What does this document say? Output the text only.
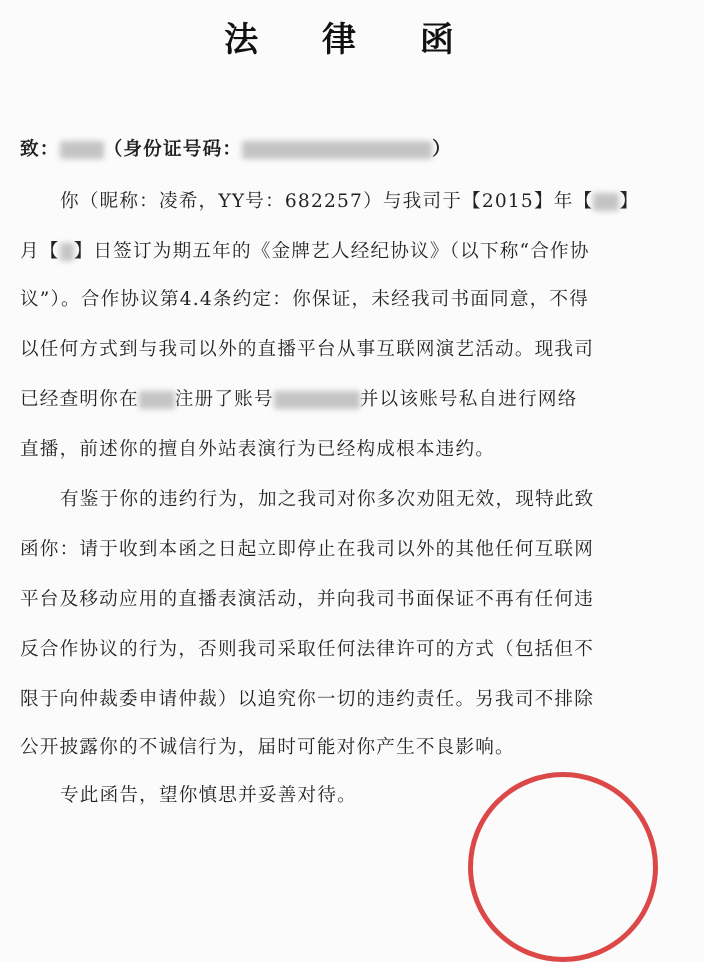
法 律 函
致： （身份证号码：	）
你（昵称：凌希，YY号：682257）与我司于【2015】年【 】
月【 】日签订为期五年的《金牌艺人经纪协议》（以下称“合作协
议”）。合作协议第4.4条约定：你保证，未经我司书面同意，不得
以任何方式到与我司以外的直播平台从事互联网演艺活动。现我司
已经查明你在 注册了账号	并以该账号私自进行网络
直播，前述你的擅自外站表演行为已经构成根本违约。
有鉴于你的违约行为，加之我司对你多次劝阻无效，现特此致
函你：请于收到本函之日起立即停止在我司以外的其他任何互联网
平台及移动应用的直播表演活动，并向我司书面保证不再有任何违
反合作协议的行为，否则我司采取任何法律许可的方式（包括但不
限于向仲裁委申请仲裁）以追究你一切的违约责任。另我司不排除
公开披露你的不诚信行为，届时可能对你产生不良影响。
专此函告，望你慎思并妥善对待。
